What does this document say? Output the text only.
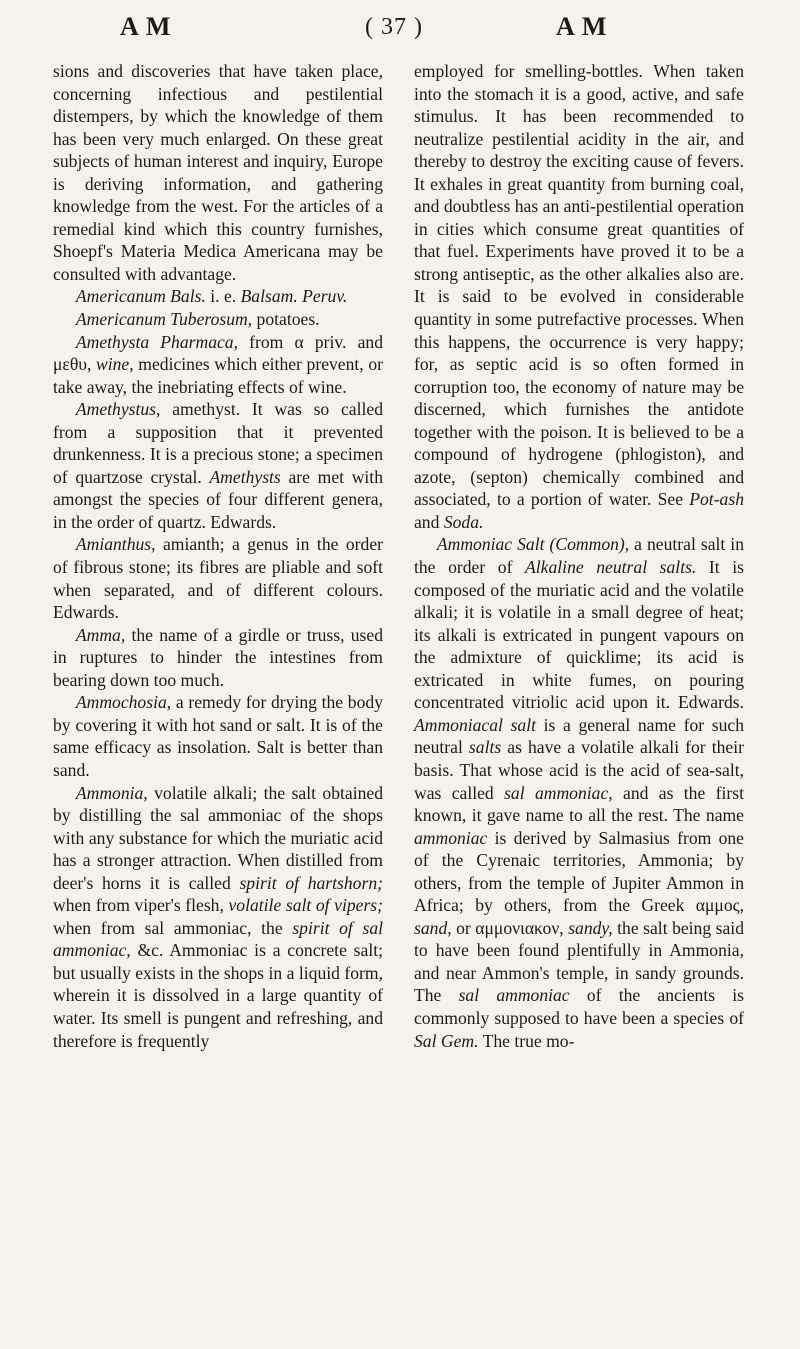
A M	( 37 )	A M

sions and discoveries that have taken place, concerning infectious and pestilential distempers, by which the knowledge of them has been very much enlarged. On these great subjects of human interest and inquiry, Europe is deriving information, and gathering knowledge from the west. For the articles of a remedial kind which this country furnishes, Shoepf's Materia Medica Americana may be consulted with advantage.

Americanum Bals. i. e. Balsam. Peruv.

Americanum Tuberosum, potatoes.

Amethysta Pharmaca, from α priv. and μεθυ, wine, medicines which either prevent, or take away, the inebriating effects of wine.

Amethystus, amethyst. It was so called from a supposition that it prevented drunkenness. It is a precious stone; a specimen of quartzose crystal. Amethysts are met with amongst the species of four different genera, in the order of quartz. Edwards.

Amianthus, amianth; a genus in the order of fibrous stone; its fibres are pliable and soft when separated, and of different colours. Edwards.

Amma, the name of a girdle or truss, used in ruptures to hinder the intestines from bearing down too much.

Ammochosia, a remedy for drying the body by covering it with hot sand or salt. It is of the same efficacy as insolation. Salt is better than sand.

Ammonia, volatile alkali; the salt obtained by distilling the sal ammoniac of the shops with any substance for which the muriatic acid has a stronger attraction. When distilled from deer's horns it is called spirit of hartshorn; when from viper's flesh, volatile salt of vipers; when from sal ammoniac, the spirit of sal ammoniac, &c. Ammoniac is a concrete salt; but usually exists in the shops in a liquid form, wherein it is dissolved in a large quantity of water. Its smell is pungent and refreshing, and therefore is frequently

employed for smelling-bottles. When taken into the stomach it is a good, active, and safe stimulus. It has been recommended to neutralize pestilential acidity in the air, and thereby to destroy the exciting cause of fevers. It exhales in great quantity from burning coal, and doubtless has an anti-pestilential operation in cities which consume great quantities of that fuel. Experiments have proved it to be a strong antiseptic, as the other alkalies also are. It is said to be evolved in considerable quantity in some putrefactive processes. When this happens, the occurrence is very happy; for, as septic acid is so often formed in corruption too, the economy of nature may be discerned, which furnishes the antidote together with the poison. It is believed to be a compound of hydrogene (phlogiston), and azote, (septon) chemically combined and associated, to a portion of water. See Pot-ash and Soda.

Ammoniac Salt (Common), a neutral salt in the order of Alkaline neutral salts. It is composed of the muriatic acid and the volatile alkali; it is volatile in a small degree of heat; its alkali is extricated in pungent vapours on the admixture of quicklime; its acid is extricated in white fumes, on pouring concentrated vitriolic acid upon it. Edwards. Ammoniacal salt is a general name for such neutral salts as have a volatile alkali for their basis. That whose acid is the acid of sea-salt, was called sal ammoniac, and as the first known, it gave name to all the rest. The name ammoniac is derived by Salmasius from one of the Cyrenaic territories, Ammonia; by others, from the temple of Jupiter Ammon in Africa; by others, from the Greek αμμος, sand, or αμμονιακον, sandy, the salt being said to have been found plentifully in Ammonia, and near Ammon's temple, in sandy grounds. The sal ammoniac of the ancients is commonly supposed to have been a species of Sal Gem. The true mo-
